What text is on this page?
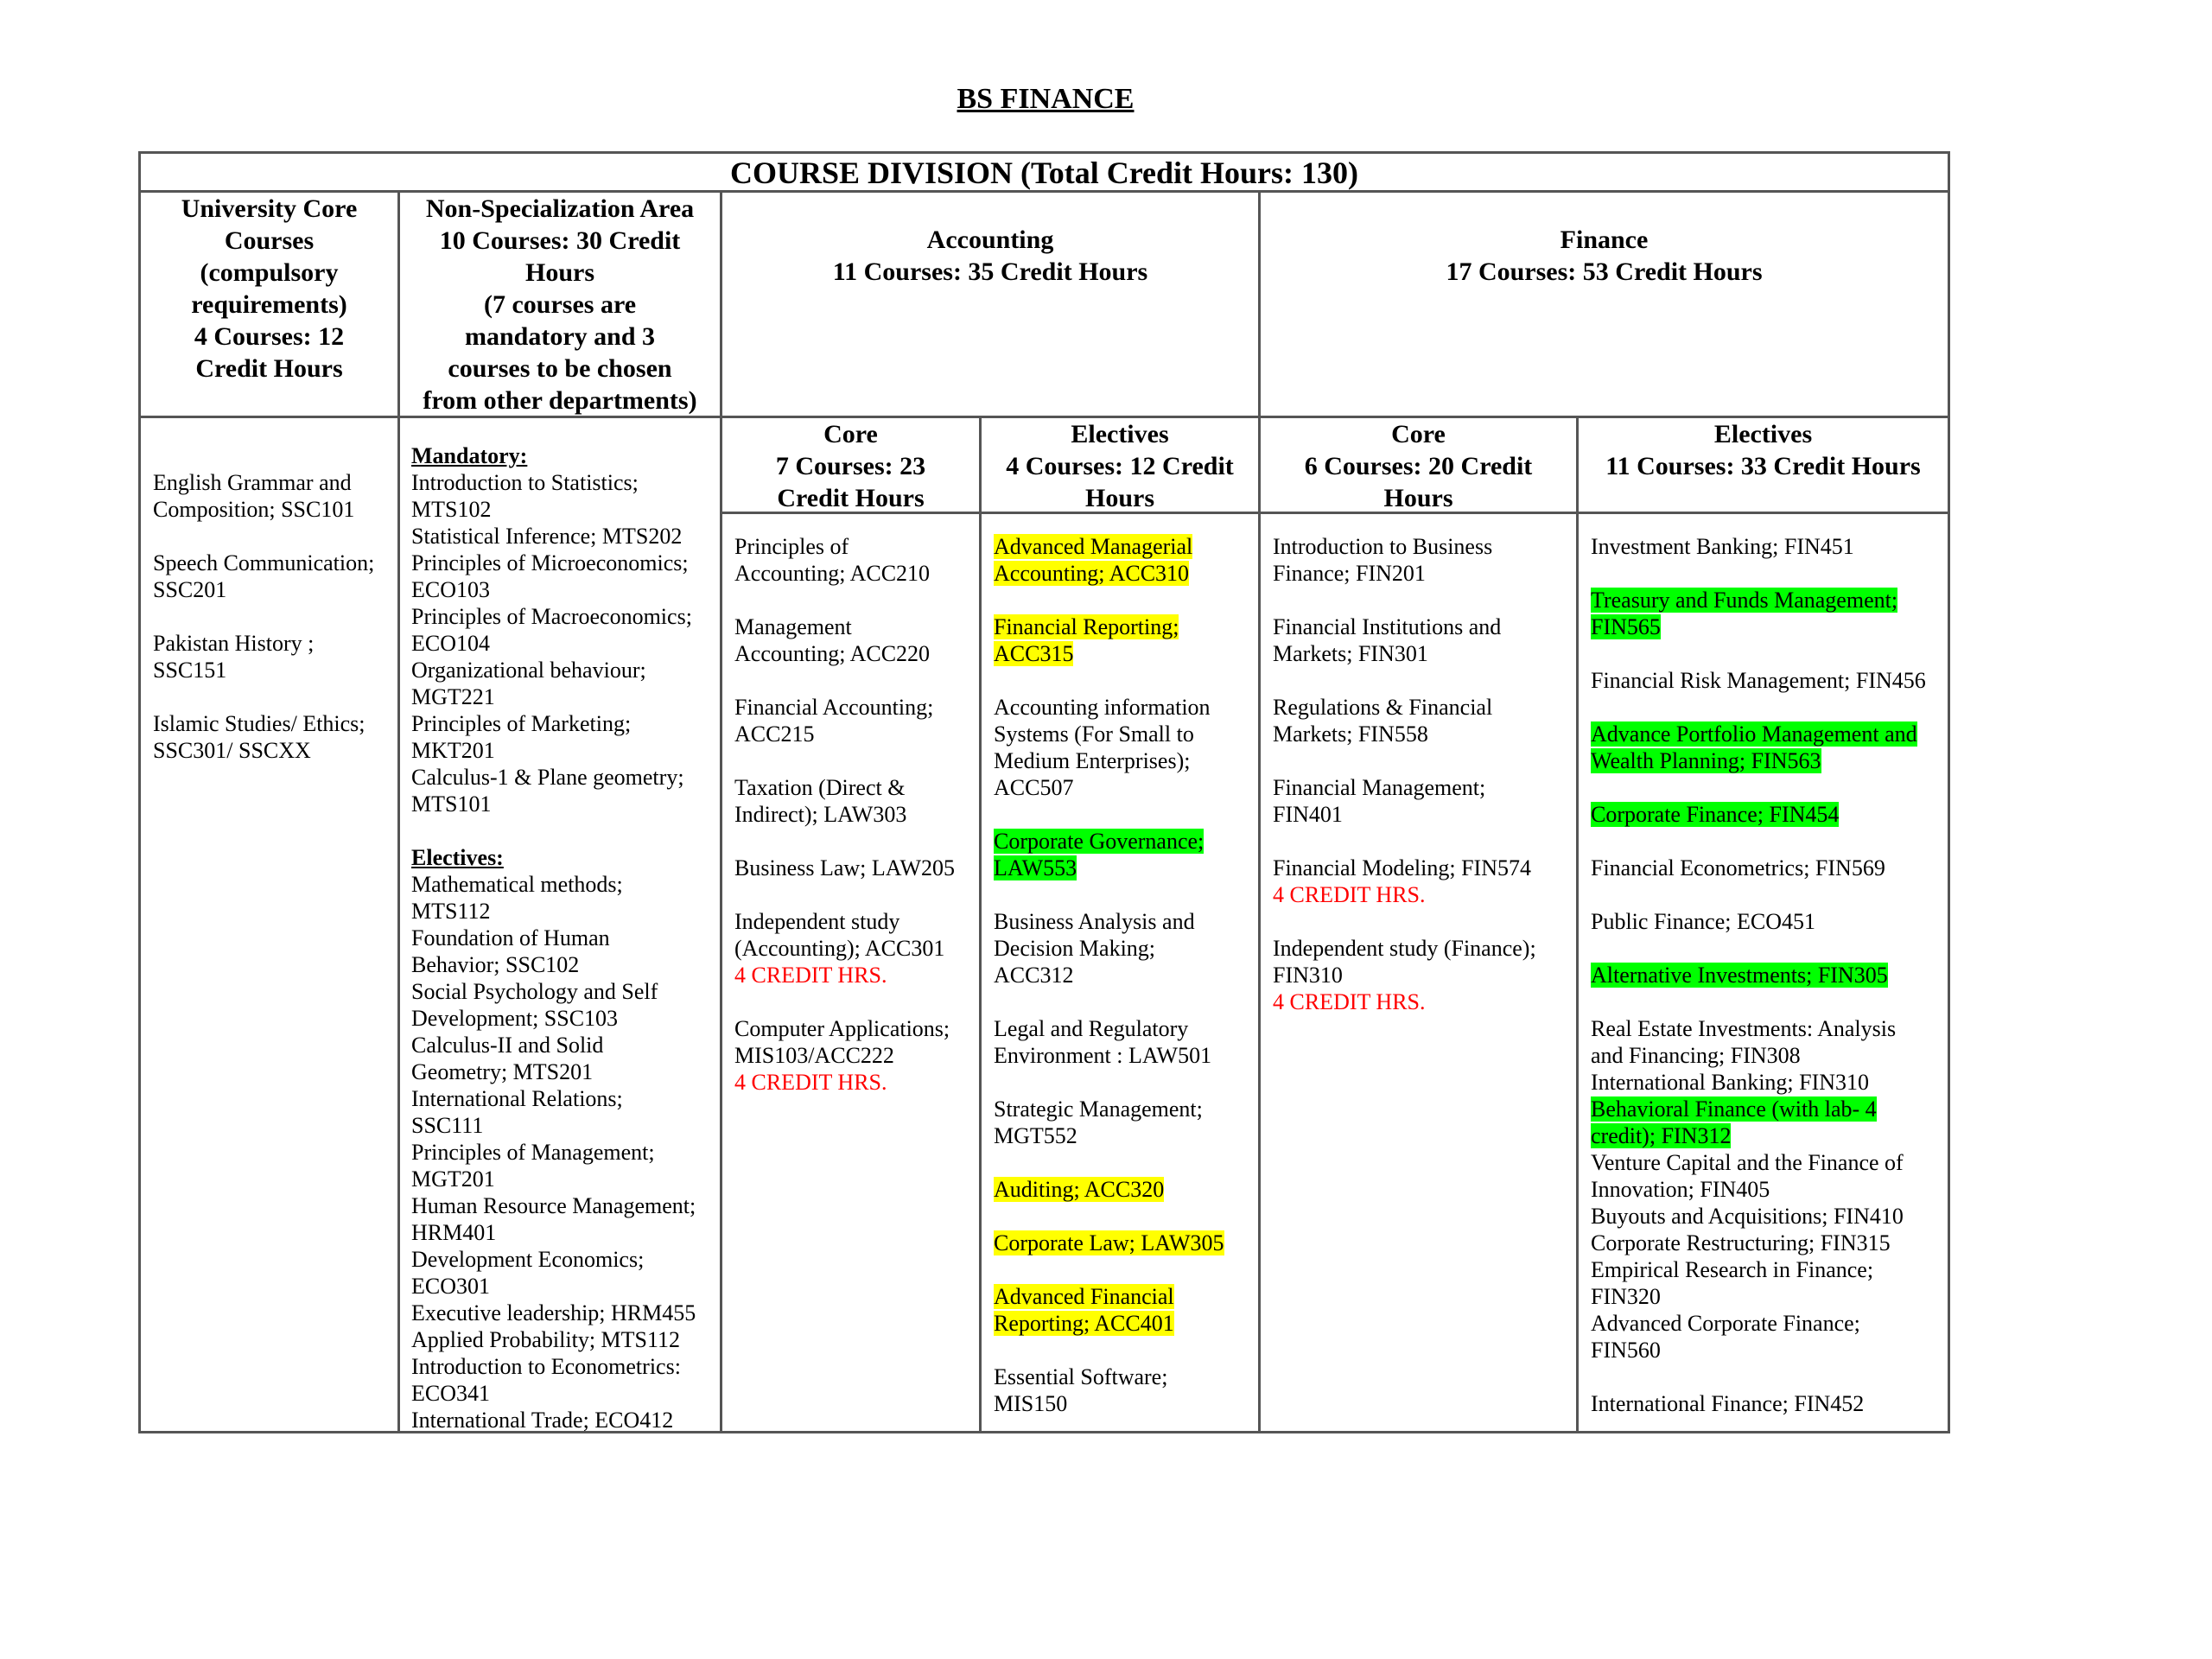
BS FINANCE
COURSE DIVISION (Total Credit Hours: 130)
University Core
Courses
(compulsory
requirements)
4 Courses: 12
Credit Hours
Non-Specialization Area
10 Courses: 30 Credit
Hours
(7 courses are
mandatory and 3
courses to be chosen
from other departments)
Accounting
11 Courses: 35 Credit Hours
Finance
17 Courses: 53 Credit Hours
Core
7 Courses: 23
Credit Hours
Electives
4 Courses: 12 Credit
Hours
Core
6 Courses: 20 Credit
Hours
Electives
11 Courses: 33 Credit Hours
English Grammar and
Composition; SSC101
Speech Communication;
SSC201
Pakistan History ;
SSC151
Islamic Studies/ Ethics;
SSC301/ SSCXX
Mandatory:
Introduction to Statistics;
MTS102
Statistical Inference; MTS202
Principles of Microeconomics;
ECO103
Principles of Macroeconomics;
ECO104
Organizational behaviour;
MGT221
Principles of Marketing;
MKT201
Calculus-1 & Plane geometry;
MTS101
Electives:
Mathematical methods;
MTS112
Foundation of Human
Behavior; SSC102
Social Psychology and Self
Development; SSC103
Calculus-II and Solid
Geometry; MTS201
International Relations;
SSC111
Principles of Management;
MGT201
Human Resource Management;
HRM401
Development Economics;
ECO301
Executive leadership; HRM455
Applied Probability; MTS112
Introduction to Econometrics:
ECO341
International Trade; ECO412
Principles of
Accounting; ACC210
Management
Accounting; ACC220
Financial Accounting;
ACC215
Taxation (Direct &
Indirect); LAW303
Business Law; LAW205
Independent study
(Accounting); ACC301
4 CREDIT HRS.
Computer Applications;
MIS103/ACC222
4 CREDIT HRS.
Advanced Managerial
Accounting; ACC310
Financial Reporting;
ACC315
Accounting information
Systems (For Small to
Medium Enterprises);
ACC507
Corporate Governance;
LAW553
Business Analysis and
Decision Making;
ACC312
Legal and Regulatory
Environment : LAW501
Strategic Management;
MGT552
Auditing; ACC320
Corporate Law; LAW305
Advanced Financial
Reporting; ACC401
Essential Software;
MIS150
Introduction to Business
Finance; FIN201
Financial Institutions and
Markets; FIN301
Regulations & Financial
Markets; FIN558
Financial Management;
FIN401
Financial Modeling; FIN574
4 CREDIT HRS.
Independent study (Finance);
FIN310
4 CREDIT HRS.
Investment Banking; FIN451
Treasury and Funds Management;
FIN565
Financial Risk Management; FIN456
Advance Portfolio Management and
Wealth Planning; FIN563
Corporate Finance; FIN454
Financial Econometrics; FIN569
Public Finance; ECO451
Alternative Investments; FIN305
Real Estate Investments: Analysis
and Financing; FIN308
International Banking; FIN310
Behavioral Finance (with lab- 4
credit); FIN312
Venture Capital and the Finance of
Innovation; FIN405
Buyouts and Acquisitions; FIN410
Corporate Restructuring; FIN315
Empirical Research in Finance;
FIN320
Advanced Corporate Finance;
FIN560
International Finance; FIN452
